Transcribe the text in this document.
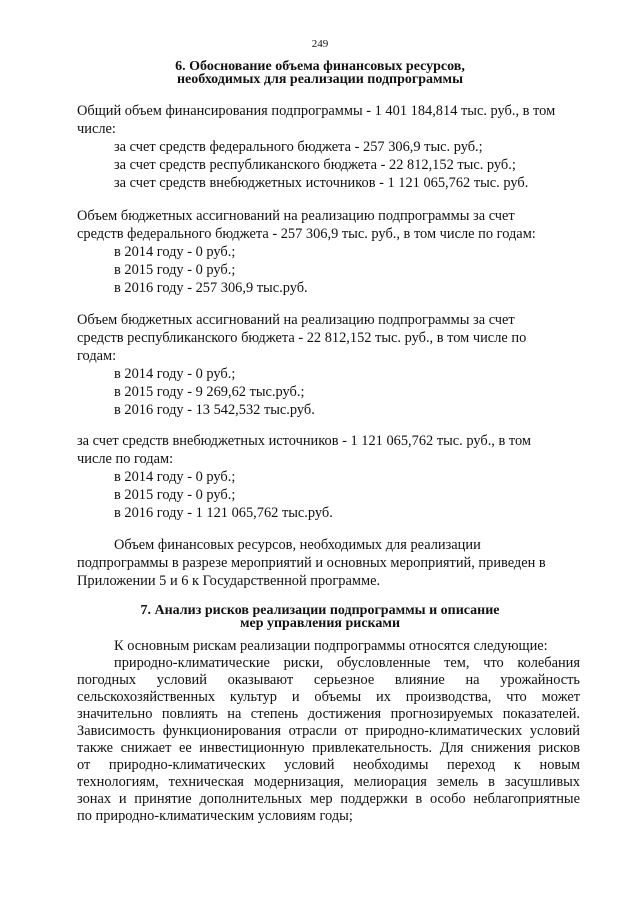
249
6. Обоснование объема финансовых ресурсов,
необходимых для реализации подпрограммы
Общий объем финансирования подпрограммы - 1 401 184,814 тыс. руб., в том
числе:
за счет средств федерального бюджета - 257 306,9 тыс. руб.;
за счет средств республиканского бюджета - 22 812,152 тыс. руб.;
за счет средств внебюджетных источников - 1 121 065,762 тыс. руб.
Объем бюджетных ассигнований на реализацию подпрограммы за счет
средств федерального бюджета - 257 306,9 тыс. руб., в том числе по годам:
в 2014 году - 0 руб.;
в 2015 году - 0 руб.;
в 2016 году - 257 306,9 тыс.руб.
Объем бюджетных ассигнований на реализацию подпрограммы за счет
средств республиканского бюджета - 22 812,152 тыс. руб., в том числе по
годам:
в 2014 году - 0 руб.;
в 2015 году - 9 269,62 тыс.руб.;
в 2016 году - 13 542,532 тыс.руб.
за счет средств внебюджетных источников - 1 121 065,762 тыс. руб., в том
числе по годам:
в 2014 году - 0 руб.;
в 2015 году - 0 руб.;
в 2016 году - 1 121 065,762 тыс.руб.
Объем финансовых ресурсов, необходимых для реализации
подпрограммы в разрезе мероприятий и основных мероприятий, приведен в
Приложении 5 и 6 к Государственной программе.
7. Анализ рисков реализации подпрограммы и описание
мер управления рисками
К основным рискам реализации подпрограммы относятся следующие:
природно-климатические риски, обусловленные тем, что колебания
погодных условий оказывают серьезное влияние на урожайность
сельскохозяйственных культур и объемы их производства, что может
значительно повлиять на степень достижения прогнозируемых показателей.
Зависимость функционирования отрасли от природно-климатических условий
также снижает ее инвестиционную привлекательность. Для снижения рисков
от природно-климатических условий необходимы переход к новым
технологиям, техническая модернизация, мелиорация земель в засушливых
зонах и принятие дополнительных мер поддержки в особо неблагоприятные
по природно-климатическим условиям годы;
